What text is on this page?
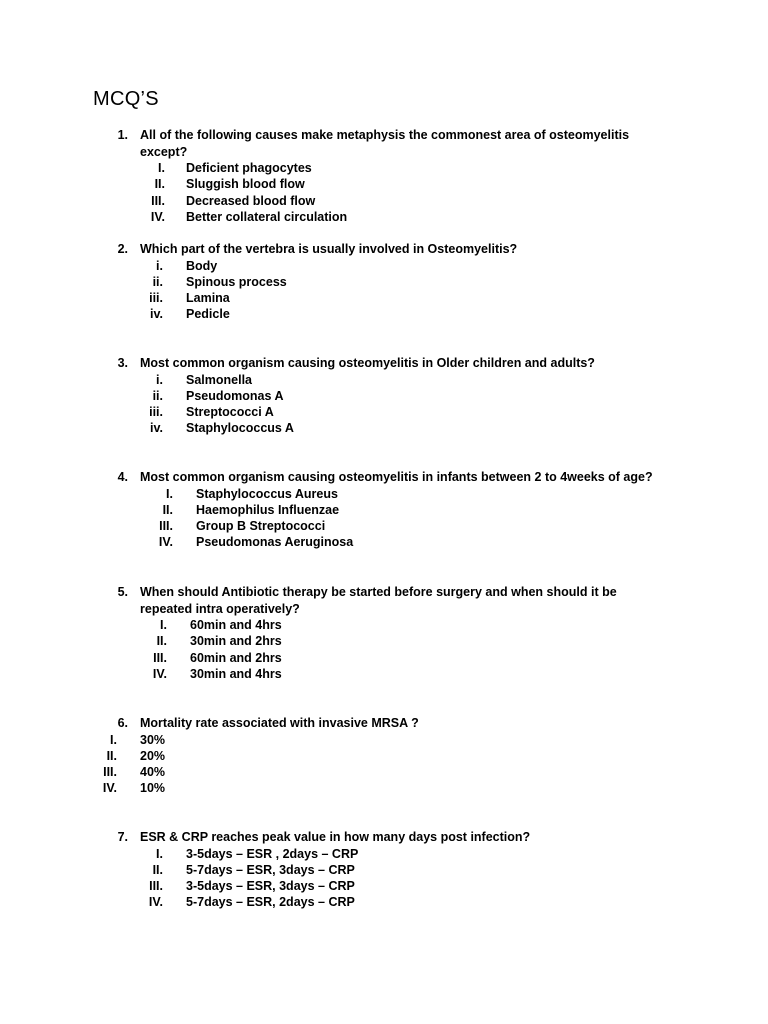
MCQ’S
1. All of the following causes make metaphysis the commonest area of osteomyelitis except?
I. Deficient phagocytes
II. Sluggish blood flow
III. Decreased blood flow
IV. Better collateral circulation
2. Which part of the vertebra is usually involved in Osteomyelitis?
i. Body
ii. Spinous process
iii. Lamina
iv. Pedicle
3. Most common organism causing osteomyelitis in Older children and adults?
i. Salmonella
ii. Pseudomonas A
iii. Streptococci A
iv. Staphylococcus A
4. Most common organism causing osteomyelitis in infants between 2 to 4weeks of age?
I. Staphylococcus Aureus
II. Haemophilus Influenzae
III. Group B Streptococci
IV. Pseudomonas Aeruginosa
5. When should Antibiotic therapy be started before surgery and when should it be repeated intra operatively?
I. 60min and 4hrs
II. 30min and 2hrs
III. 60min and 2hrs
IV. 30min and 4hrs
6. Mortality rate associated with invasive MRSA ?
I. 30%
II. 20%
III. 40%
IV. 10%
7. ESR & CRP reaches peak value in how many days post infection?
I. 3-5days – ESR , 2days – CRP
II. 5-7days – ESR, 3days – CRP
III. 3-5days – ESR, 3days – CRP
IV. 5-7days – ESR, 2days – CRP
